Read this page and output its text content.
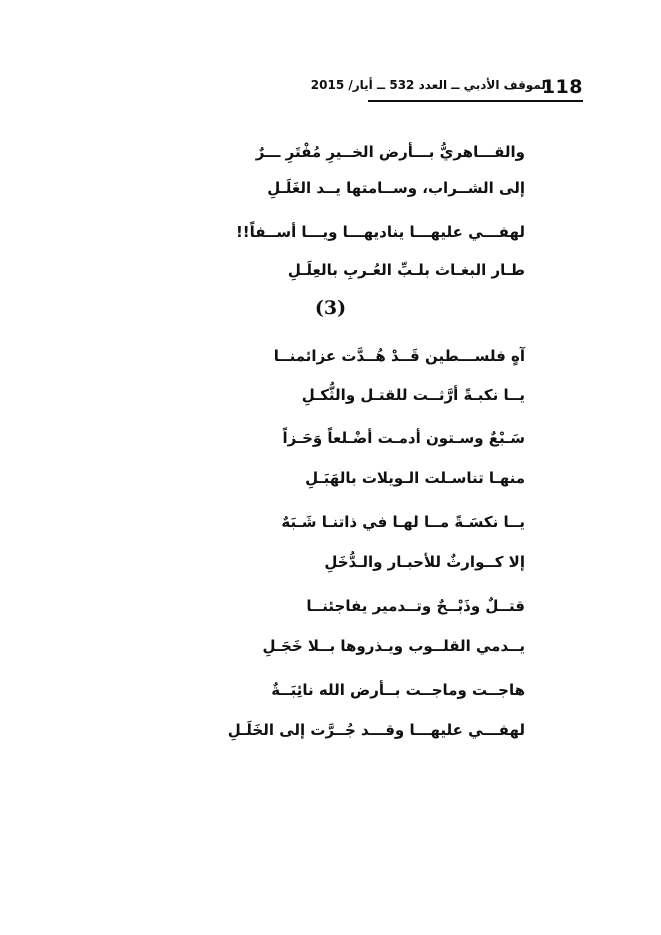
118
الموقف الأدبي ــ العدد 532 ــ أيار/ 2015
والقـــاهريُّ بـــأرض الخــيرِ مُفْتَرِ ـــرٌ
إلى الشــراب، وســامتها يــد الغَلَـلِ
لهفـــي عليهـــا يناديهـــا ويـــا أســفاً!!
طـار البغـاث بلـبِّ العُـربِ بالعِلَـلِ
آهٍ فلســـطين قَــدْ هُــدَّت عزائمنــا
يــا نكبـةً أرَّثــت للقتـل والثُّكـلِ
سَـبْعٌ وسـتون أدمـت أضْـلعاً وَحَـزاً
منهـا تناسـلت الـويلات بالهَبَـلِ
يــا نكسَـةً مــا لهـا في ذاتنـا شَـبَهٌ
إلا كــوارثٌ للأحبـار والـدُّخَلِ
قتــلٌ وذَبْــحٌ وتــدمير يفاجئنــا
يــدمي القلــوب ويـذروها بــلا خَجَـلِ
هاجــت وماجــت بــأرض الله نائِبَــةٌ
لهفـــي عليهـــا وقـــد جُــرَّت إلى الخَلَـلِ
(3)
